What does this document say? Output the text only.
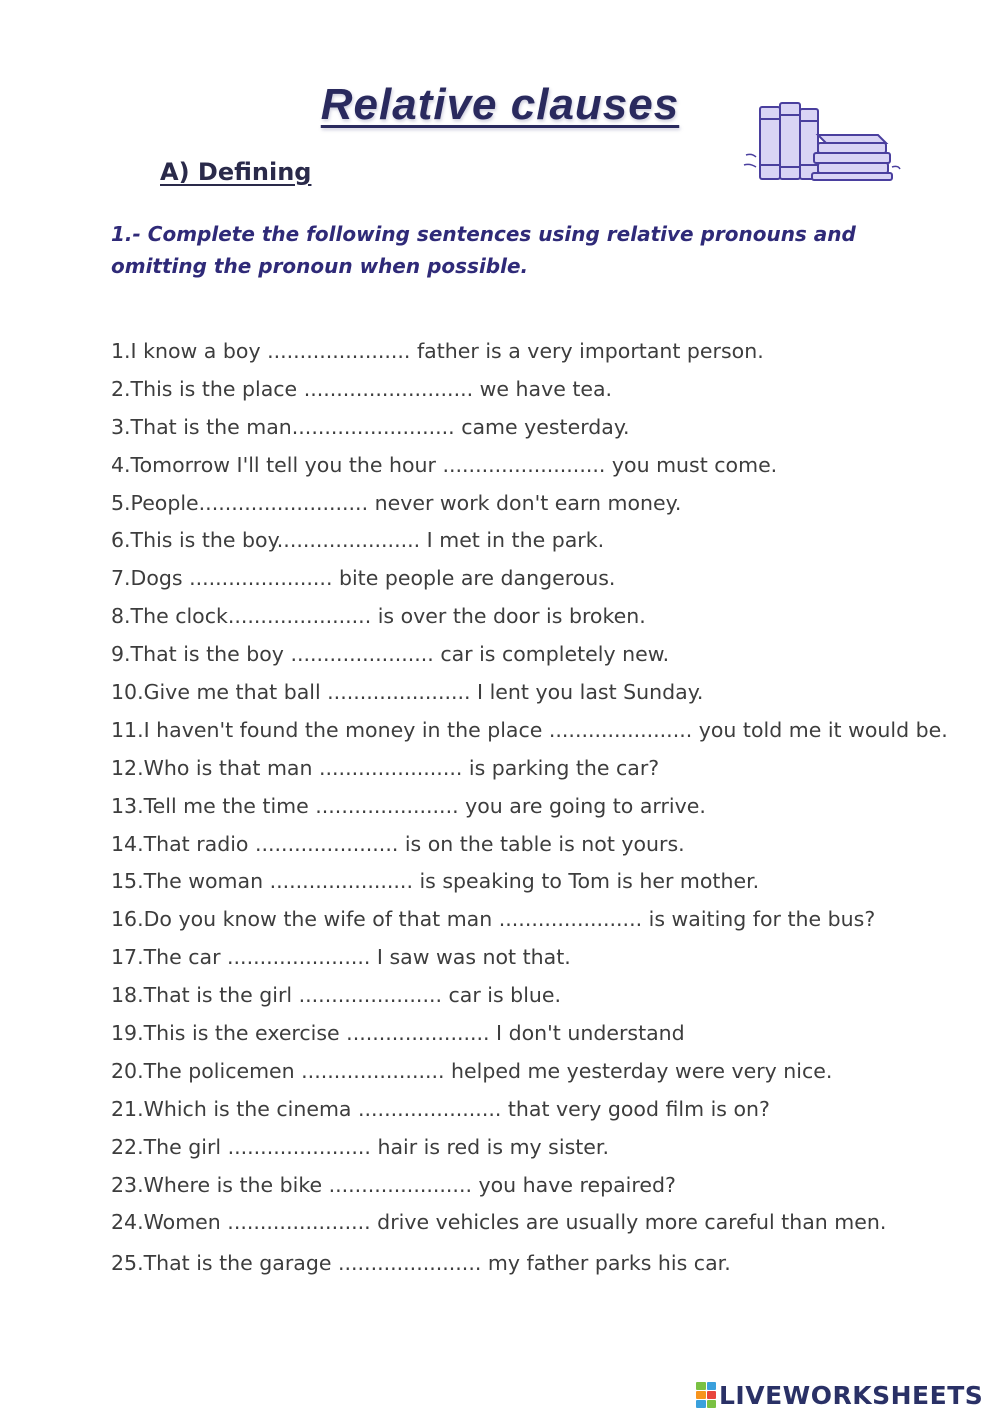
Relative clauses
A) Defining

1.- Complete the following sentences using relative pronouns and omitting the pronoun when possible.

1.I know a boy ...................... father is a very important person.
2.This is the place .......................... we have tea.
3.That is the man......................... came yesterday.
4.Tomorrow I'll tell you the hour ......................... you must come.
5.People.......................... never work don't earn money.
6.This is the boy...................... I met in the park.
7.Dogs ...................... bite people are dangerous.
8.The clock...................... is over the door is broken.
9.That is the boy ...................... car is completely new.
10.Give me that ball ...................... I lent you last Sunday.
11.I haven't found the money in the place ...................... you told me it would be.
12.Who is that man ...................... is parking the car?
13.Tell me the time ...................... you are going to arrive.
14.That radio ...................... is on the table is not yours.
15.The woman ...................... is speaking to Tom is her mother.
16.Do you know the wife of that man ...................... is waiting for the bus?
17.The car ...................... I saw was not that.
18.That is the girl ...................... car is blue.
19.This is the exercise ...................... I don't understand
20.The policemen ...................... helped me yesterday were very nice.
21.Which is the cinema ...................... that very good film is on?
22.The girl ...................... hair is red is my sister.
23.Where is the bike ...................... you have repaired?
24.Women ...................... drive vehicles are usually more careful than men.
25.That is the garage ...................... my father parks his car.
LIVEWORKSHEETS
